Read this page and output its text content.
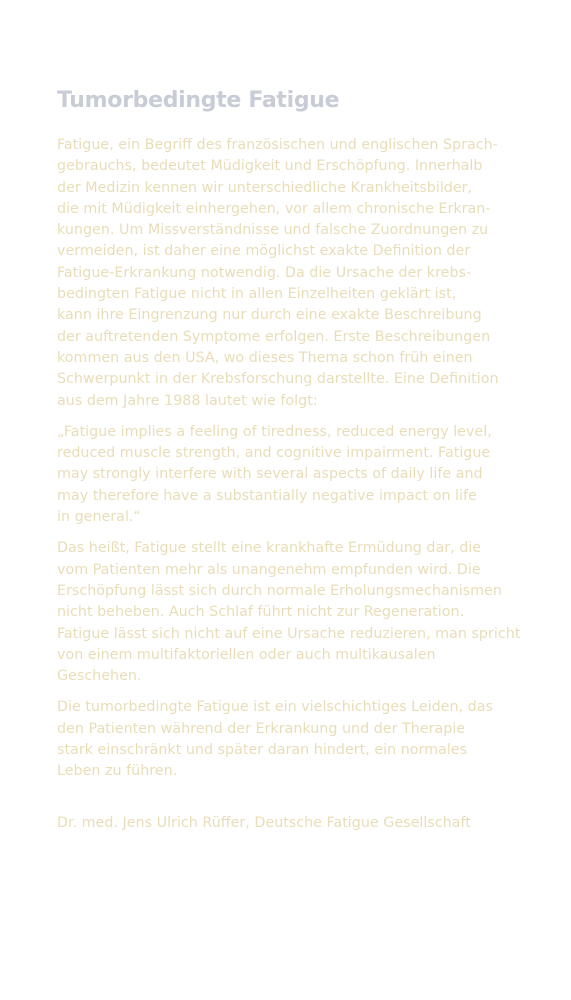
Tumorbedingte Fatigue
Fatigue, ein Begriff des französischen und englischen Sprach-
gebrauchs, bedeutet Müdigkeit und Erschöpfung. Innerhalb
der Medizin kennen wir unterschiedliche Krankheitsbilder,
die mit Müdigkeit einhergehen, vor allem chronische Erkran-
kungen. Um Missverständnisse und falsche Zuordnungen zu
vermeiden, ist daher eine möglichst exakte Definition der
Fatigue-Erkrankung notwendig. Da die Ursache der krebs-
bedingten Fatigue nicht in allen Einzelheiten geklärt ist,
kann ihre Eingrenzung nur durch eine exakte Beschreibung
der auftretenden Symptome erfolgen. Erste Beschreibungen
kommen aus den USA, wo dieses Thema schon früh einen
Schwerpunkt in der Krebsforschung darstellte. Eine Definition
aus dem Jahre 1988 lautet wie folgt:
„Fatigue implies a feeling of tiredness, reduced energy level,
reduced muscle strength, and cognitive impairment. Fatigue
may strongly interfere with several aspects of daily life and
may therefore have a substantially negative impact on life
in general.“
Das heißt, Fatigue stellt eine krankhafte Ermüdung dar, die
vom Patienten mehr als unangenehm empfunden wird. Die
Erschöpfung lässt sich durch normale Erholungsmechanismen
nicht beheben. Auch Schlaf führt nicht zur Regeneration.
Fatigue lässt sich nicht auf eine Ursache reduzieren, man spricht
von einem multifaktoriellen oder auch multikausalen
Geschehen.
Die tumorbedingte Fatigue ist ein vielschichtiges Leiden, das
den Patienten während der Erkrankung und der Therapie
stark einschränkt und später daran hindert, ein normales
Leben zu führen.
Dr. med. Jens Ulrich Rüffer, Deutsche Fatigue Gesellschaft
